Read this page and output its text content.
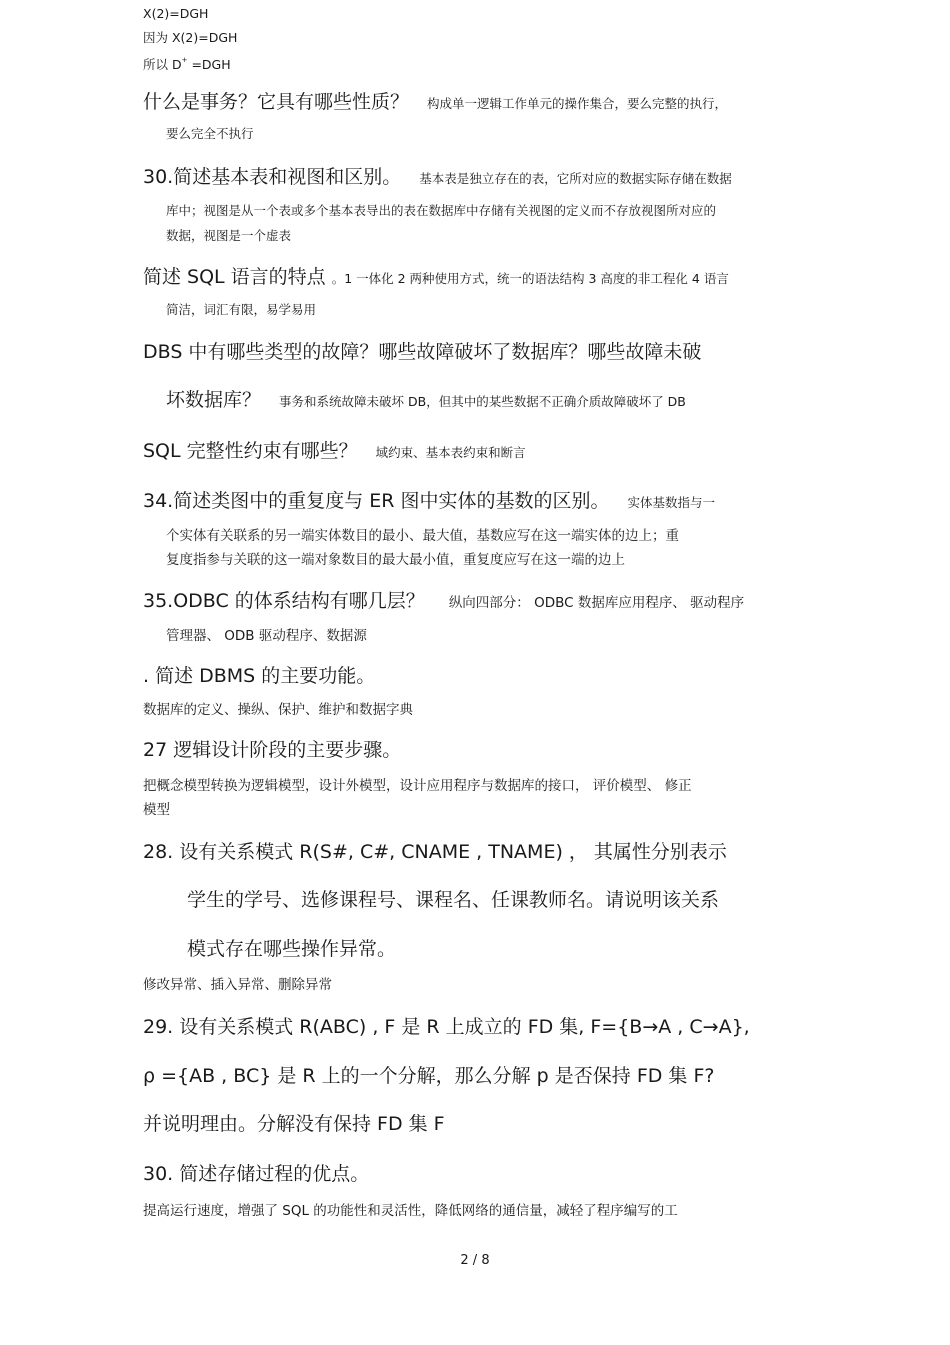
X(2)=DGH
因为 X(2)=DGH
所以 D+ =DGH
什么是事务？它具有哪些性质？ 构成单一逻辑工作单元的操作集合，要么完整的执行，
要么完全不执行
30.简述基本表和视图和区别。 基本表是独立存在的表，它所对应的数据实际存储在数据
库中；视图是从一个表或多个基本表导出的表在数据库中存储有关视图的定义而不存放视图所对应的
数据，视图是一个虚表
简述 SQL 语言的特点 。1 一体化 2 两种使用方式，统一的语法结构 3 高度的非工程化 4 语言
简洁，词汇有限，易学易用
DBS 中有哪些类型的故障？哪些故障破坏了数据库？哪些故障未破
坏数据库？ 事务和系统故障未破坏 DB，但其中的某些数据不正确介质故障破坏了 DB
SQL 完整性约束有哪些？ 域约束、基本表约束和断言
34.简述类图中的重复度与 ER 图中实体的基数的区别。 实体基数指与一
个实体有关联系的另一端实体数目的最小、最大值，基数应写在这一端实体的边上；重
复度指参与关联的这一端对象数目的最大最小值，重复度应写在这一端的边上
35.ODBC 的体系结构有哪几层？ 纵向四部分： ODBC 数据库应用程序、 驱动程序
管理器、 ODB 驱动程序、数据源
. 简述 DBMS 的主要功能。
数据库的定义、操纵、保护、维护和数据字典
27 逻辑设计阶段的主要步骤。
把概念模型转换为逻辑模型，设计外模型，设计应用程序与数据库的接口， 评价模型、 修正
模型
28. 设有关系模式 R(S#, C#, CNAME , TNAME) ， 其属性分别表示
学生的学号、选修课程号、课程名、任课教师名。请说明该关系
模式存在哪些操作异常。
修改异常、插入异常、删除异常
29. 设有关系模式 R(ABC) , F 是 R 上成立的 FD 集, F={B→A , C→A},
ρ ={AB , BC} 是 R 上的一个分解，那么分解 p 是否保持 FD 集 F?
并说明理由。分解没有保持 FD 集 F
30. 简述存储过程的优点。
提高运行速度，增强了 SQL 的功能性和灵活性，降低网络的通信量，减轻了程序编写的工
2 / 8
